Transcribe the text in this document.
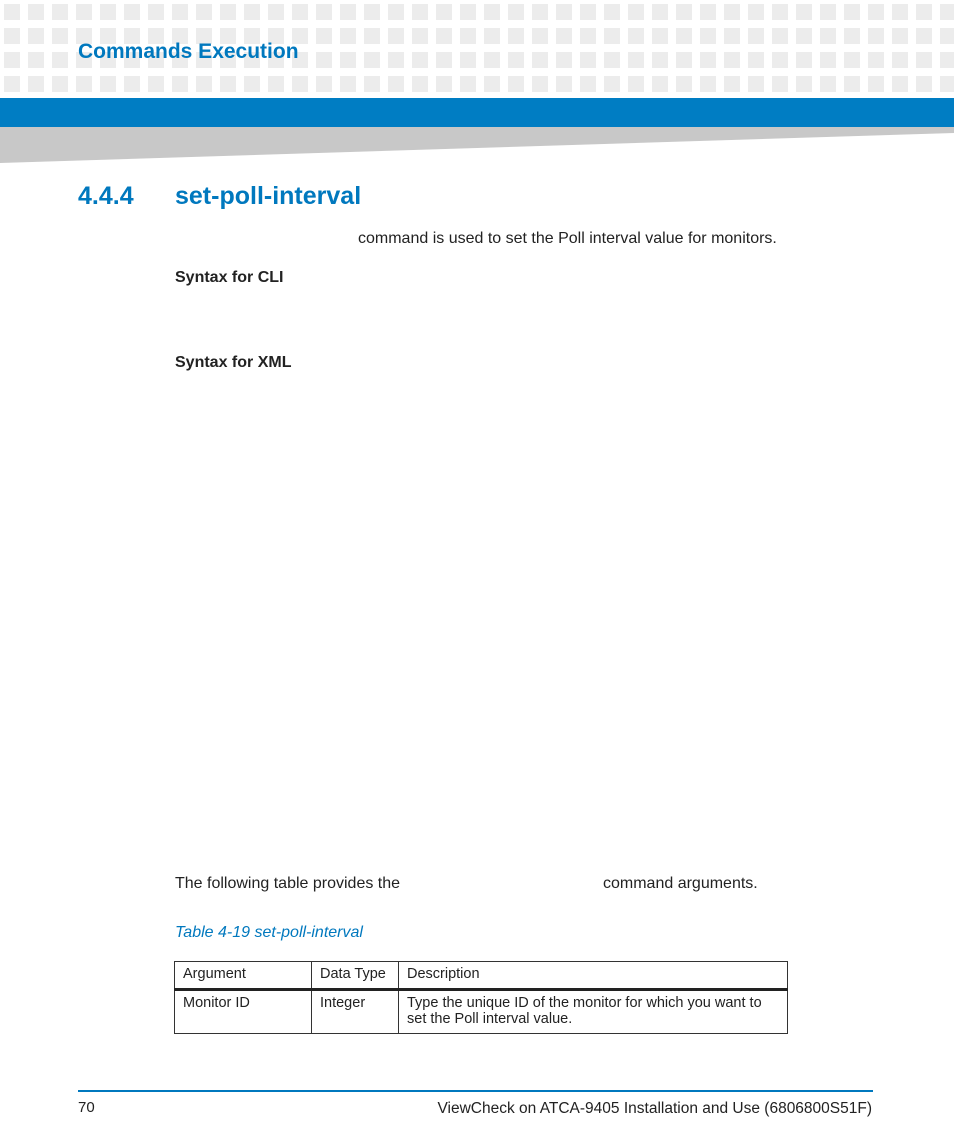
Commands Execution
4.4.4 set-poll-interval
command is used to set the Poll interval value for monitors.
Syntax for CLI
Syntax for XML
The following table provides the	command arguments.
Table 4-19 set-poll-interval
Argument	Data Type	Description
Monitor ID	Integer	Type the unique ID of the monitor for which you want to set the Poll interval value.
70	ViewCheck on ATCA-9405 Installation and Use (6806800S51F)
